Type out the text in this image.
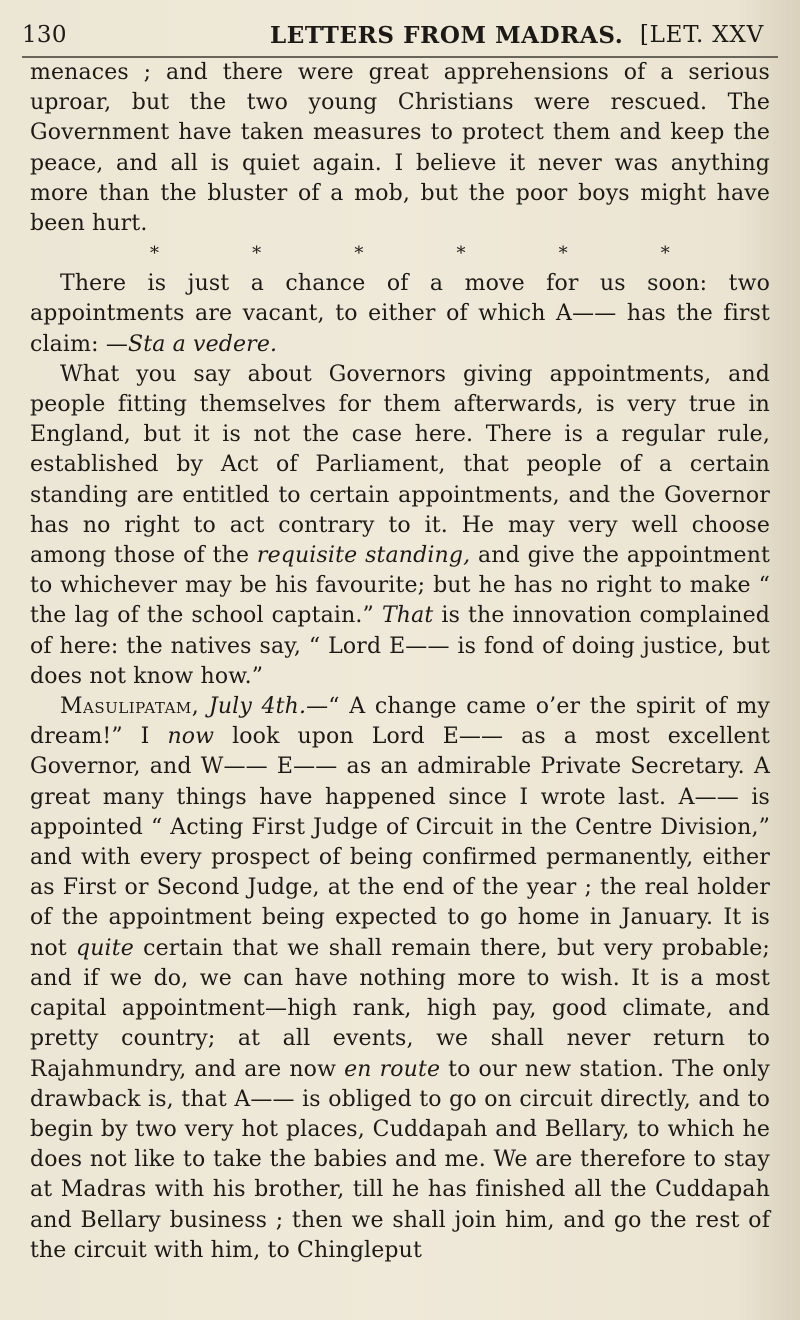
130	LETTERS FROM MADRAS. [LET. XXV

menaces ; and there were great apprehensions of a serious uproar, but the two young Christians were rescued. The Government have taken measures to protect them and keep the peace, and all is quiet again. I believe it never was anything more than the bluster of a mob, but the poor boys might have been hurt.

*	*	*	*	*	*

There is just a chance of a move for us soon: two appointments are vacant, to either of which A—— has the first claim: —Sta a vedere.

What you say about Governors giving appointments, and people fitting themselves for them afterwards, is very true in England, but it is not the case here. There is a regular rule, established by Act of Parliament, that people of a certain standing are entitled to certain appointments, and the Governor has no right to act contrary to it. He may very well choose among those of the requisite standing, and give the appointment to whichever may be his favourite; but he has no right to make “ the lag of the school captain.” That is the innovation complained of here: the natives say, “ Lord E—— is fond of doing justice, but does not know how.”

Masulipatam, July 4th.—“ A change came o’er the spirit of my dream!” I now look upon Lord E—— as a most excellent Governor, and W—— E—— as an admirable Private Secretary. A great many things have happened since I wrote last. A—— is appointed “ Acting First Judge of Circuit in the Centre Division,” and with every prospect of being confirmed permanently, either as First or Second Judge, at the end of the year ; the real holder of the appointment being expected to go home in January. It is not quite certain that we shall remain there, but very probable; and if we do, we can have nothing more to wish. It is a most capital appointment—high rank, high pay, good climate, and pretty country; at all events, we shall never return to Rajahmundry, and are now en route to our new station. The only drawback is, that A—— is obliged to go on circuit directly, and to begin by two very hot places, Cuddapah and Bellary, to which he does not like to take the babies and me. We are therefore to stay at Madras with his brother, till he has finished all the Cuddapah and Bellary business ; then we shall join him, and go the rest of the circuit with him, to Chingleput
